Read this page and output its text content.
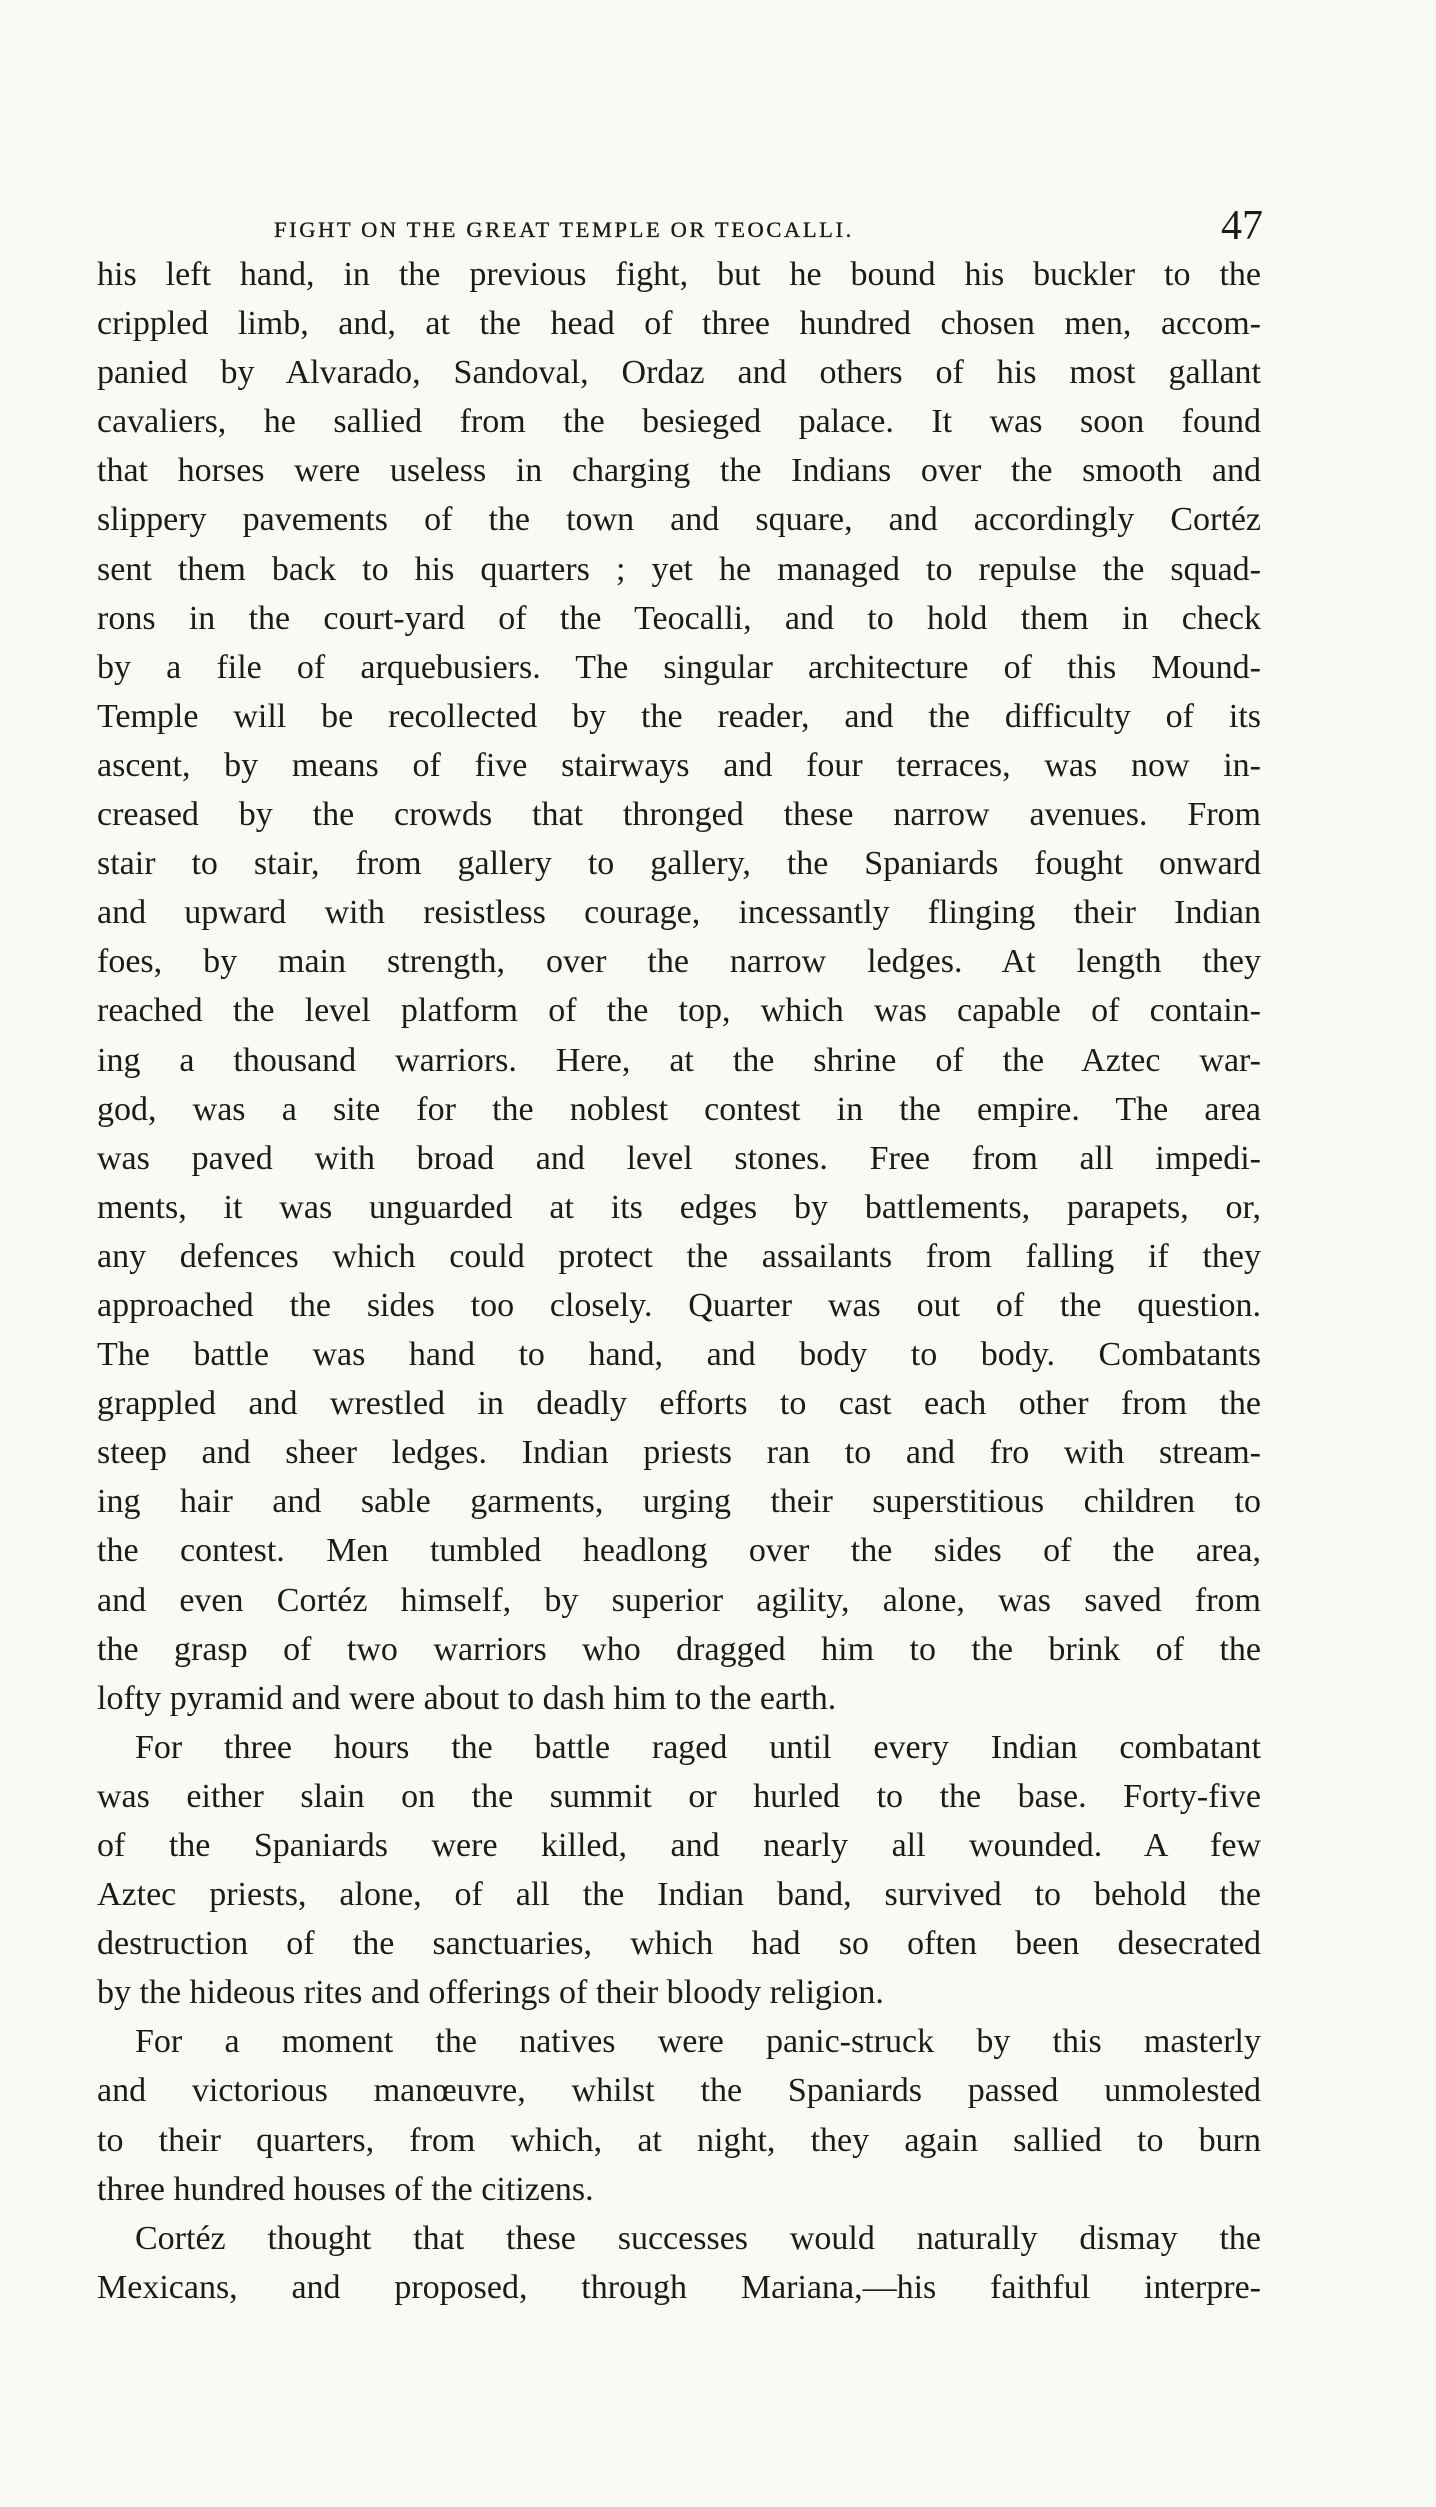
FIGHT ON THE GREAT TEMPLE OR TEOCALLI.	47
his left hand, in the previous fight, but he bound his buckler to the
crippled limb, and, at the head of three hundred chosen men, accom-
panied by Alvarado, Sandoval, Ordaz and others of his most gallant
cavaliers, he sallied from the besieged palace. It was soon found
that horses were useless in charging the Indians over the smooth and
slippery pavements of the town and square, and accordingly Cortéz
sent them back to his quarters ; yet he managed to repulse the squad-
rons in the court-yard of the Teocalli, and to hold them in check
by a file of arquebusiers. The singular architecture of this Mound-
Temple will be recollected by the reader, and the difficulty of its
ascent, by means of five stairways and four terraces, was now in-
creased by the crowds that thronged these narrow avenues. From
stair to stair, from gallery to gallery, the Spaniards fought onward
and upward with resistless courage, incessantly flinging their Indian
foes, by main strength, over the narrow ledges. At length they
reached the level platform of the top, which was capable of contain-
ing a thousand warriors. Here, at the shrine of the Aztec war-
god, was a site for the noblest contest in the empire. The area
was paved with broad and level stones. Free from all impedi-
ments, it was unguarded at its edges by battlements, parapets, or,
any defences which could protect the assailants from falling if they
approached the sides too closely. Quarter was out of the question.
The battle was hand to hand, and body to body. Combatants
grappled and wrestled in deadly efforts to cast each other from the
steep and sheer ledges. Indian priests ran to and fro with stream-
ing hair and sable garments, urging their superstitious children to
the contest. Men tumbled headlong over the sides of the area,
and even Cortéz himself, by superior agility, alone, was saved from
the grasp of two warriors who dragged him to the brink of the
lofty pyramid and were about to dash him to the earth.
For three hours the battle raged until every Indian combatant
was either slain on the summit or hurled to the base. Forty-five
of the Spaniards were killed, and nearly all wounded. A few
Aztec priests, alone, of all the Indian band, survived to behold the
destruction of the sanctuaries, which had so often been desecrated
by the hideous rites and offerings of their bloody religion.
For a moment the natives were panic-struck by this masterly
and victorious manœuvre, whilst the Spaniards passed unmolested
to their quarters, from which, at night, they again sallied to burn
three hundred houses of the citizens.
Cortéz thought that these successes would naturally dismay the
Mexicans, and proposed, through Mariana,—his faithful interpre-
